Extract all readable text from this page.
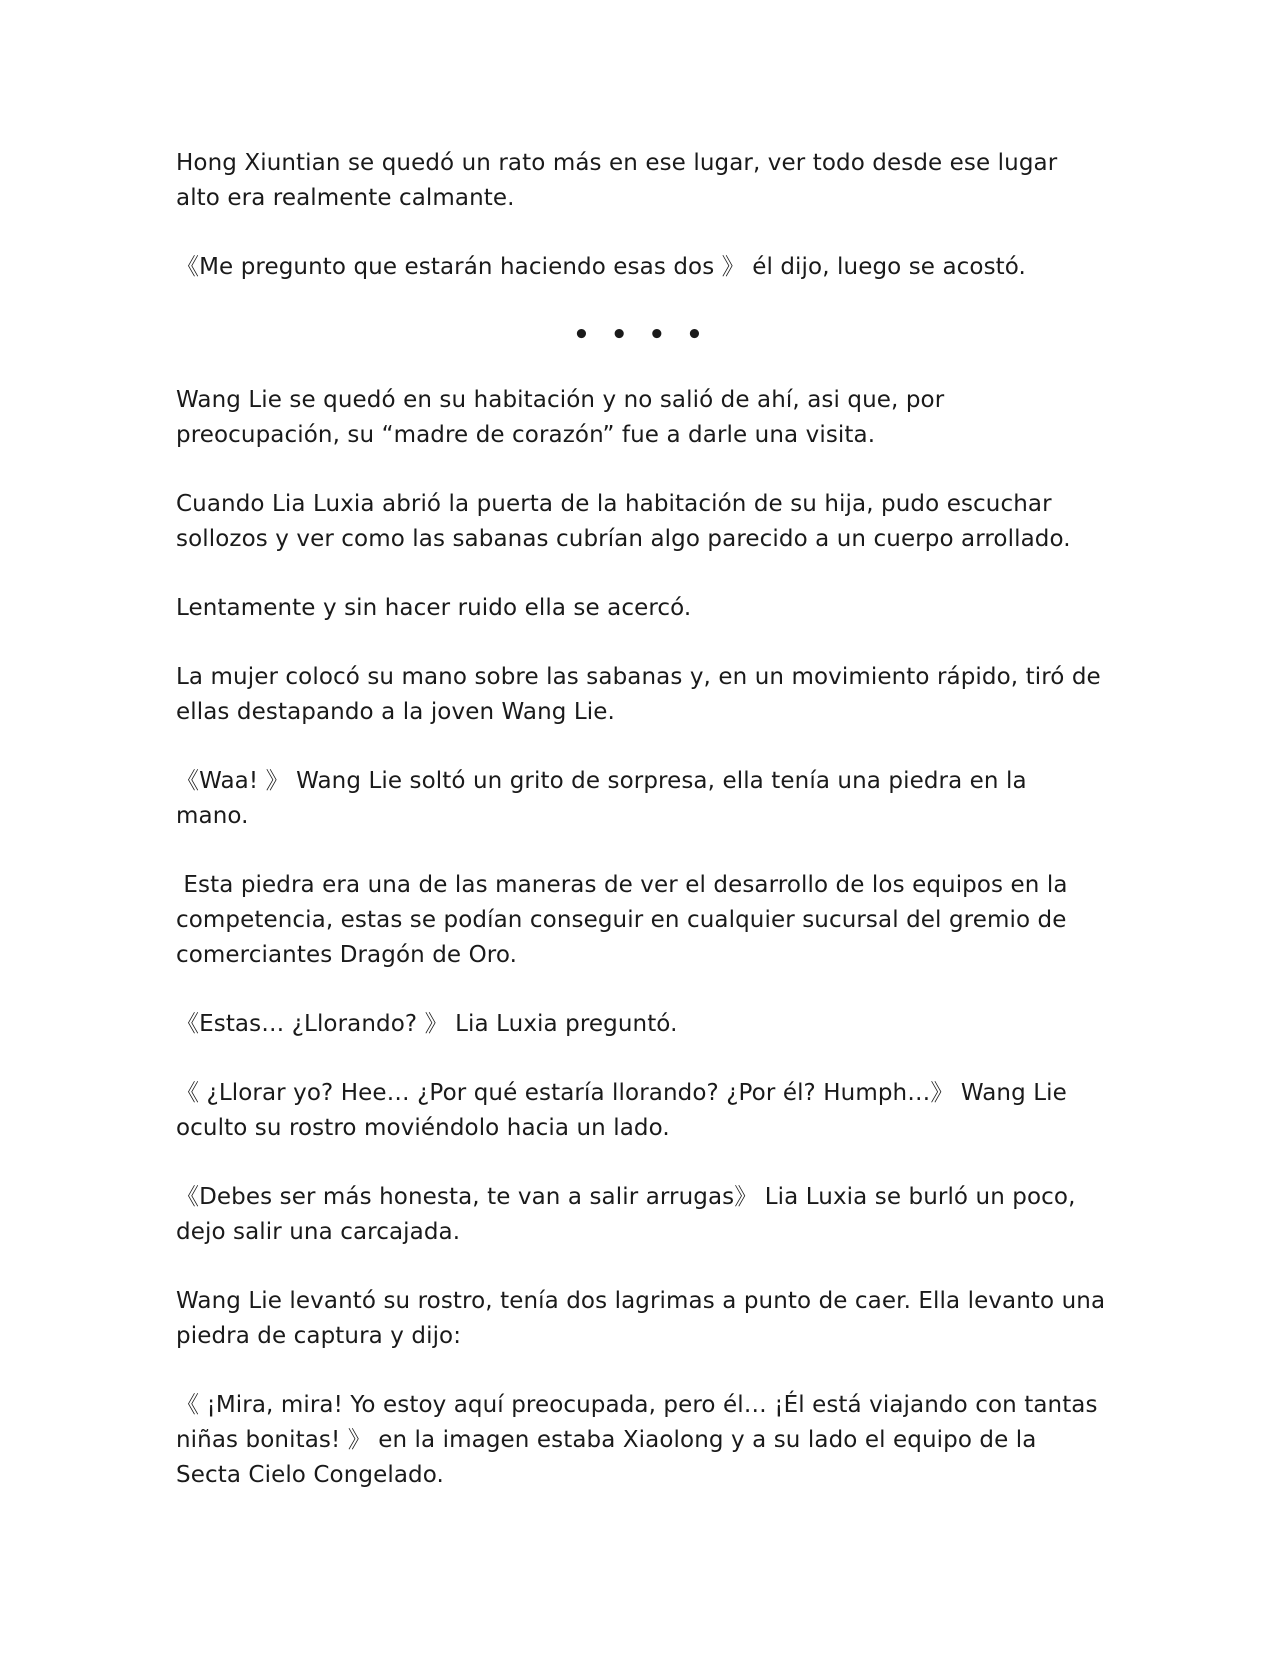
Hong Xiuntian se quedó un rato más en ese lugar, ver todo desde ese lugar alto era realmente calmante.

《Me pregunto que estarán haciendo esas dos 》 él dijo, luego se acostó.

• • • •

Wang Lie se quedó en su habitación y no salió de ahí, asi que, por preocupación, su “madre de corazón” fue a darle una visita.

Cuando Lia Luxia abrió la puerta de la habitación de su hija, pudo escuchar sollozos y ver como las sabanas cubrían algo parecido a un cuerpo arrollado.

Lentamente y sin hacer ruido ella se acercó.

La mujer colocó su mano sobre las sabanas y, en un movimiento rápido, tiró de ellas destapando a la joven Wang Lie.

《Waa! 》 Wang Lie soltó un grito de sorpresa, ella tenía una piedra en la mano.

Esta piedra era una de las maneras de ver el desarrollo de los equipos en la competencia, estas se podían conseguir en cualquier sucursal del gremio de comerciantes Dragón de Oro.

《Estas… ¿Llorando? 》 Lia Luxia preguntó.

《 ¿Llorar yo? Hee… ¿Por qué estaría llorando? ¿Por él? Humph…》 Wang Lie oculto su rostro moviéndolo hacia un lado.

《Debes ser más honesta, te van a salir arrugas》 Lia Luxia se burló un poco, dejo salir una carcajada.

Wang Lie levantó su rostro, tenía dos lagrimas a punto de caer. Ella levanto una piedra de captura y dijo:

《 ¡Mira, mira! Yo estoy aquí preocupada, pero él… ¡Él está viajando con tantas niñas bonitas! 》 en la imagen estaba Xiaolong y a su lado el equipo de la Secta Cielo Congelado.
